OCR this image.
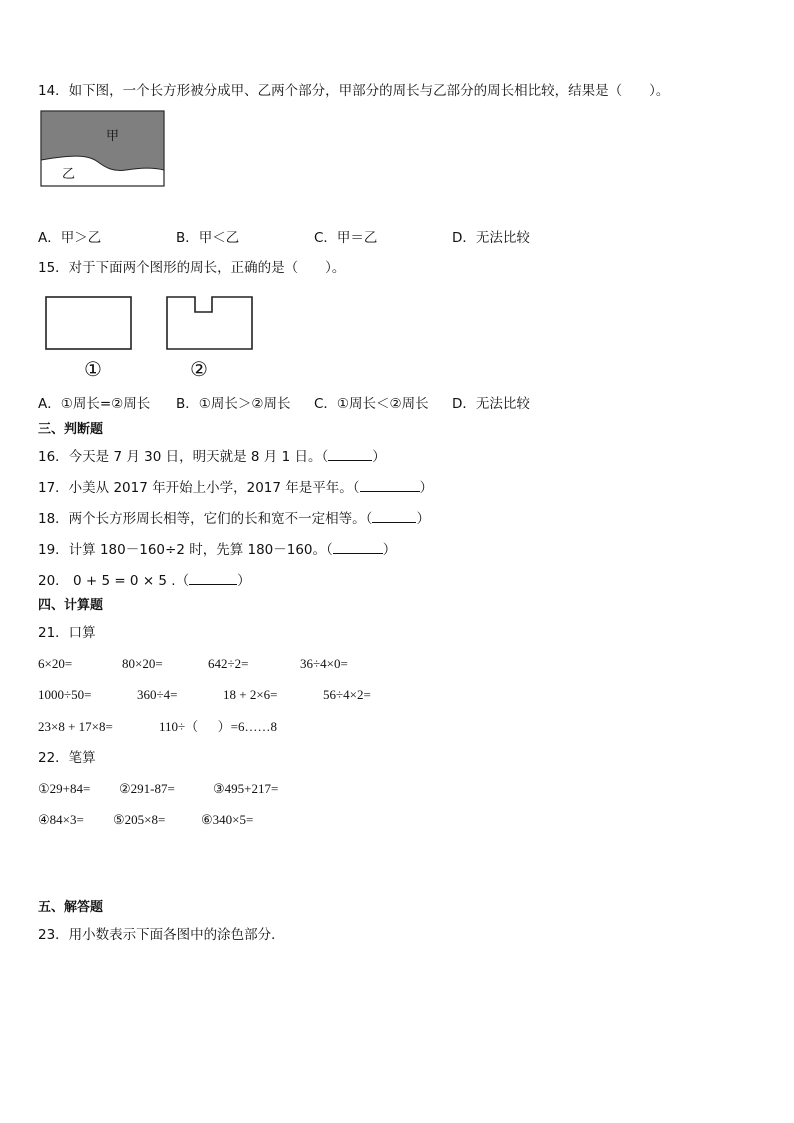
14．如下图，一个长方形被分成甲、乙两个部分，甲部分的周长与乙部分的周长相比较，结果是（　　）。
甲
乙
A．甲＞乙	B．甲＜乙	C．甲＝乙	D．无法比较
15．对于下面两个图形的周长，正确的是（　　）。
①	②
A．①周长=②周长 B．①周长＞②周长 C．①周长＜②周长 D．无法比较
三、判断题
16．今天是 7 月 30 日，明天就是 8 月 1 日。（	）
17．小美从 2017 年开始上小学，2017 年是平年。（	）
18．两个长方形周长相等，它们的长和宽不一定相等。（	）
19．计算 180－160÷2 时，先算 180－160。（	）
20． 0 + 5 = 0 × 5 .（	）
四、计算题
21．口算
6×20=	80×20=	642÷2=	36÷4×0=
1000÷50=	360÷4=	18 + 2×6=	56÷4×2=
23×8 + 17×8=	110÷（　  ）=6……8
22．笔算
①29+84= ②291-87=	③495+217=
④84×3= ⑤205×8=	⑥340×5=
五、解答题
23．用小数表示下面各图中的涂色部分．
